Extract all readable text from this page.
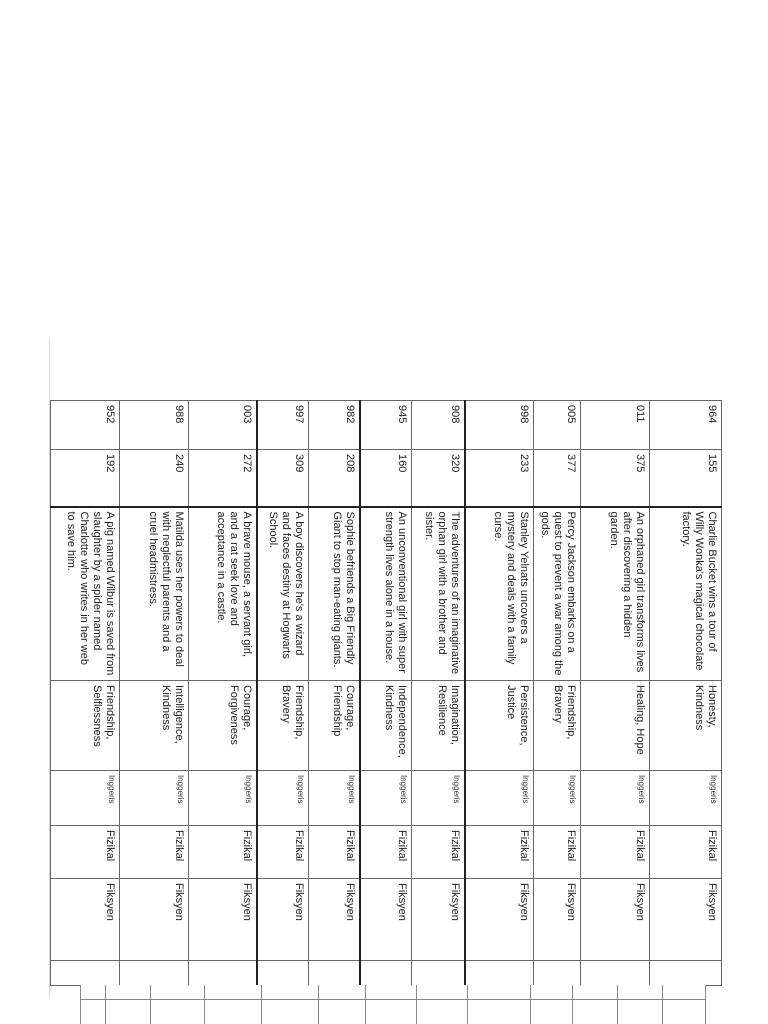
964	155	Charlie Bucket wins a tour of Willy Wonka's magical chocolate factory.	Honesty, Kindness	Inggeris	Fizikal	Fiksyen	
011	375	An orphaned girl transforms lives after discovering a hidden garden.	Healing, Hope	Inggeris	Fizikal	Fiksyen	
005	377	Percy Jackson embarks on a quest to prevent a war among the gods.	Friendship, Bravery	Inggeris	Fizikal	Fiksyen	
998	233	Stanley Yelnats uncovers a mystery and deals with a family curse.	Persistence, Justice	Inggeris	Fizikal	Fiksyen	
908	320	The adventures of an imaginative orphan girl with a brother and sister.	Imagination, Resilience	Inggeris	Fizikal	Fiksyen	
945	160	An unconventional girl with super strength lives alone in a house.	Independence, Kindness	Inggeris	Fizikal	Fiksyen	
982	208	Sophie befriends a Big Friendly Giant to stop man-eating giants.	Courage, Friendship	Inggeris	Fizikal	Fiksyen	
997	309	A boy discovers he's a wizard and faces destiny at Hogwarts School.	Friendship, Bravery	Inggeris	Fizikal	Fiksyen	
003	272	A brave mouse, a servant girl, and a rat seek love and acceptance in a castle.	Courage, Forgiveness	Inggeris	Fizikal	Fiksyen	
988	240	Matilda uses her powers to deal with neglectful parents and a cruel headmistress.	Intelligence, Kindness	Inggeris	Fizikal	Fiksyen	
952	192	A pig named Wilbur is saved from slaughter by a spider named Charlotte who writes in her web to save him.	Friendship, Selflessness	Inggeris	Fizikal	Fiksyen	
